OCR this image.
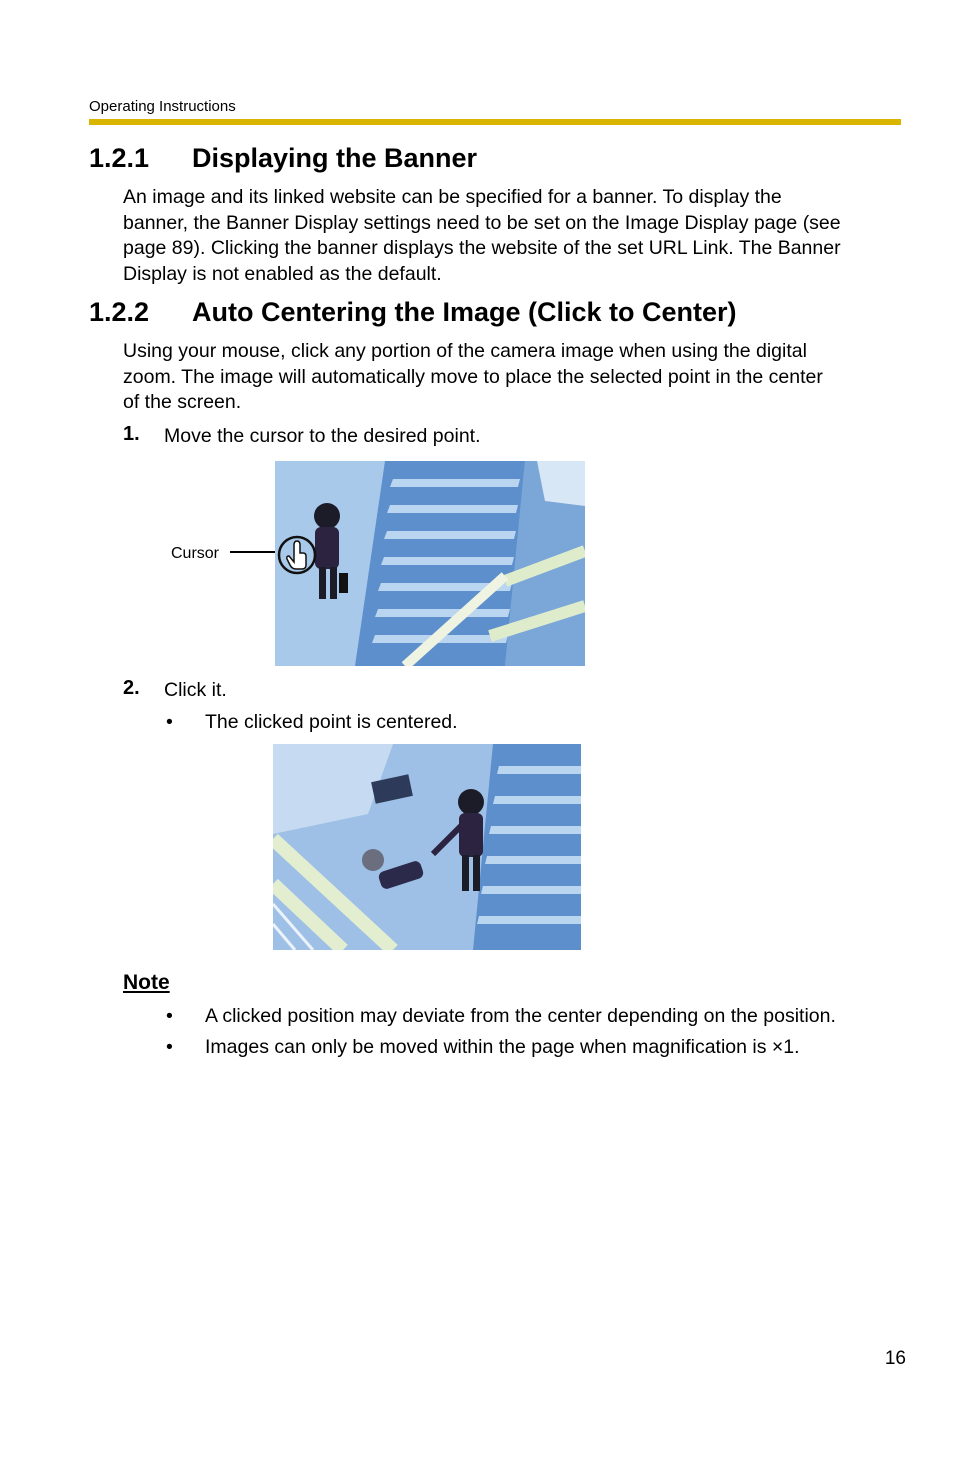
Operating Instructions
1.2.1 Displaying the Banner
An image and its linked website can be specified for a banner. To display the
banner, the Banner Display settings need to be set on the Image Display page (see
page 89). Clicking the banner displays the website of the set URL Link. The Banner
Display is not enabled as the default.
1.2.2 Auto Centering the Image (Click to Center)
Using your mouse, click any portion of the camera image when using the digital
zoom. The image will automatically move to place the selected point in the center
of the screen.
1. Move the cursor to the desired point.
Cursor
2. Click it.
• The clicked point is centered.
Note
• A clicked position may deviate from the center depending on the position.
• Images can only be moved within the page when magnification is ×1.
16
